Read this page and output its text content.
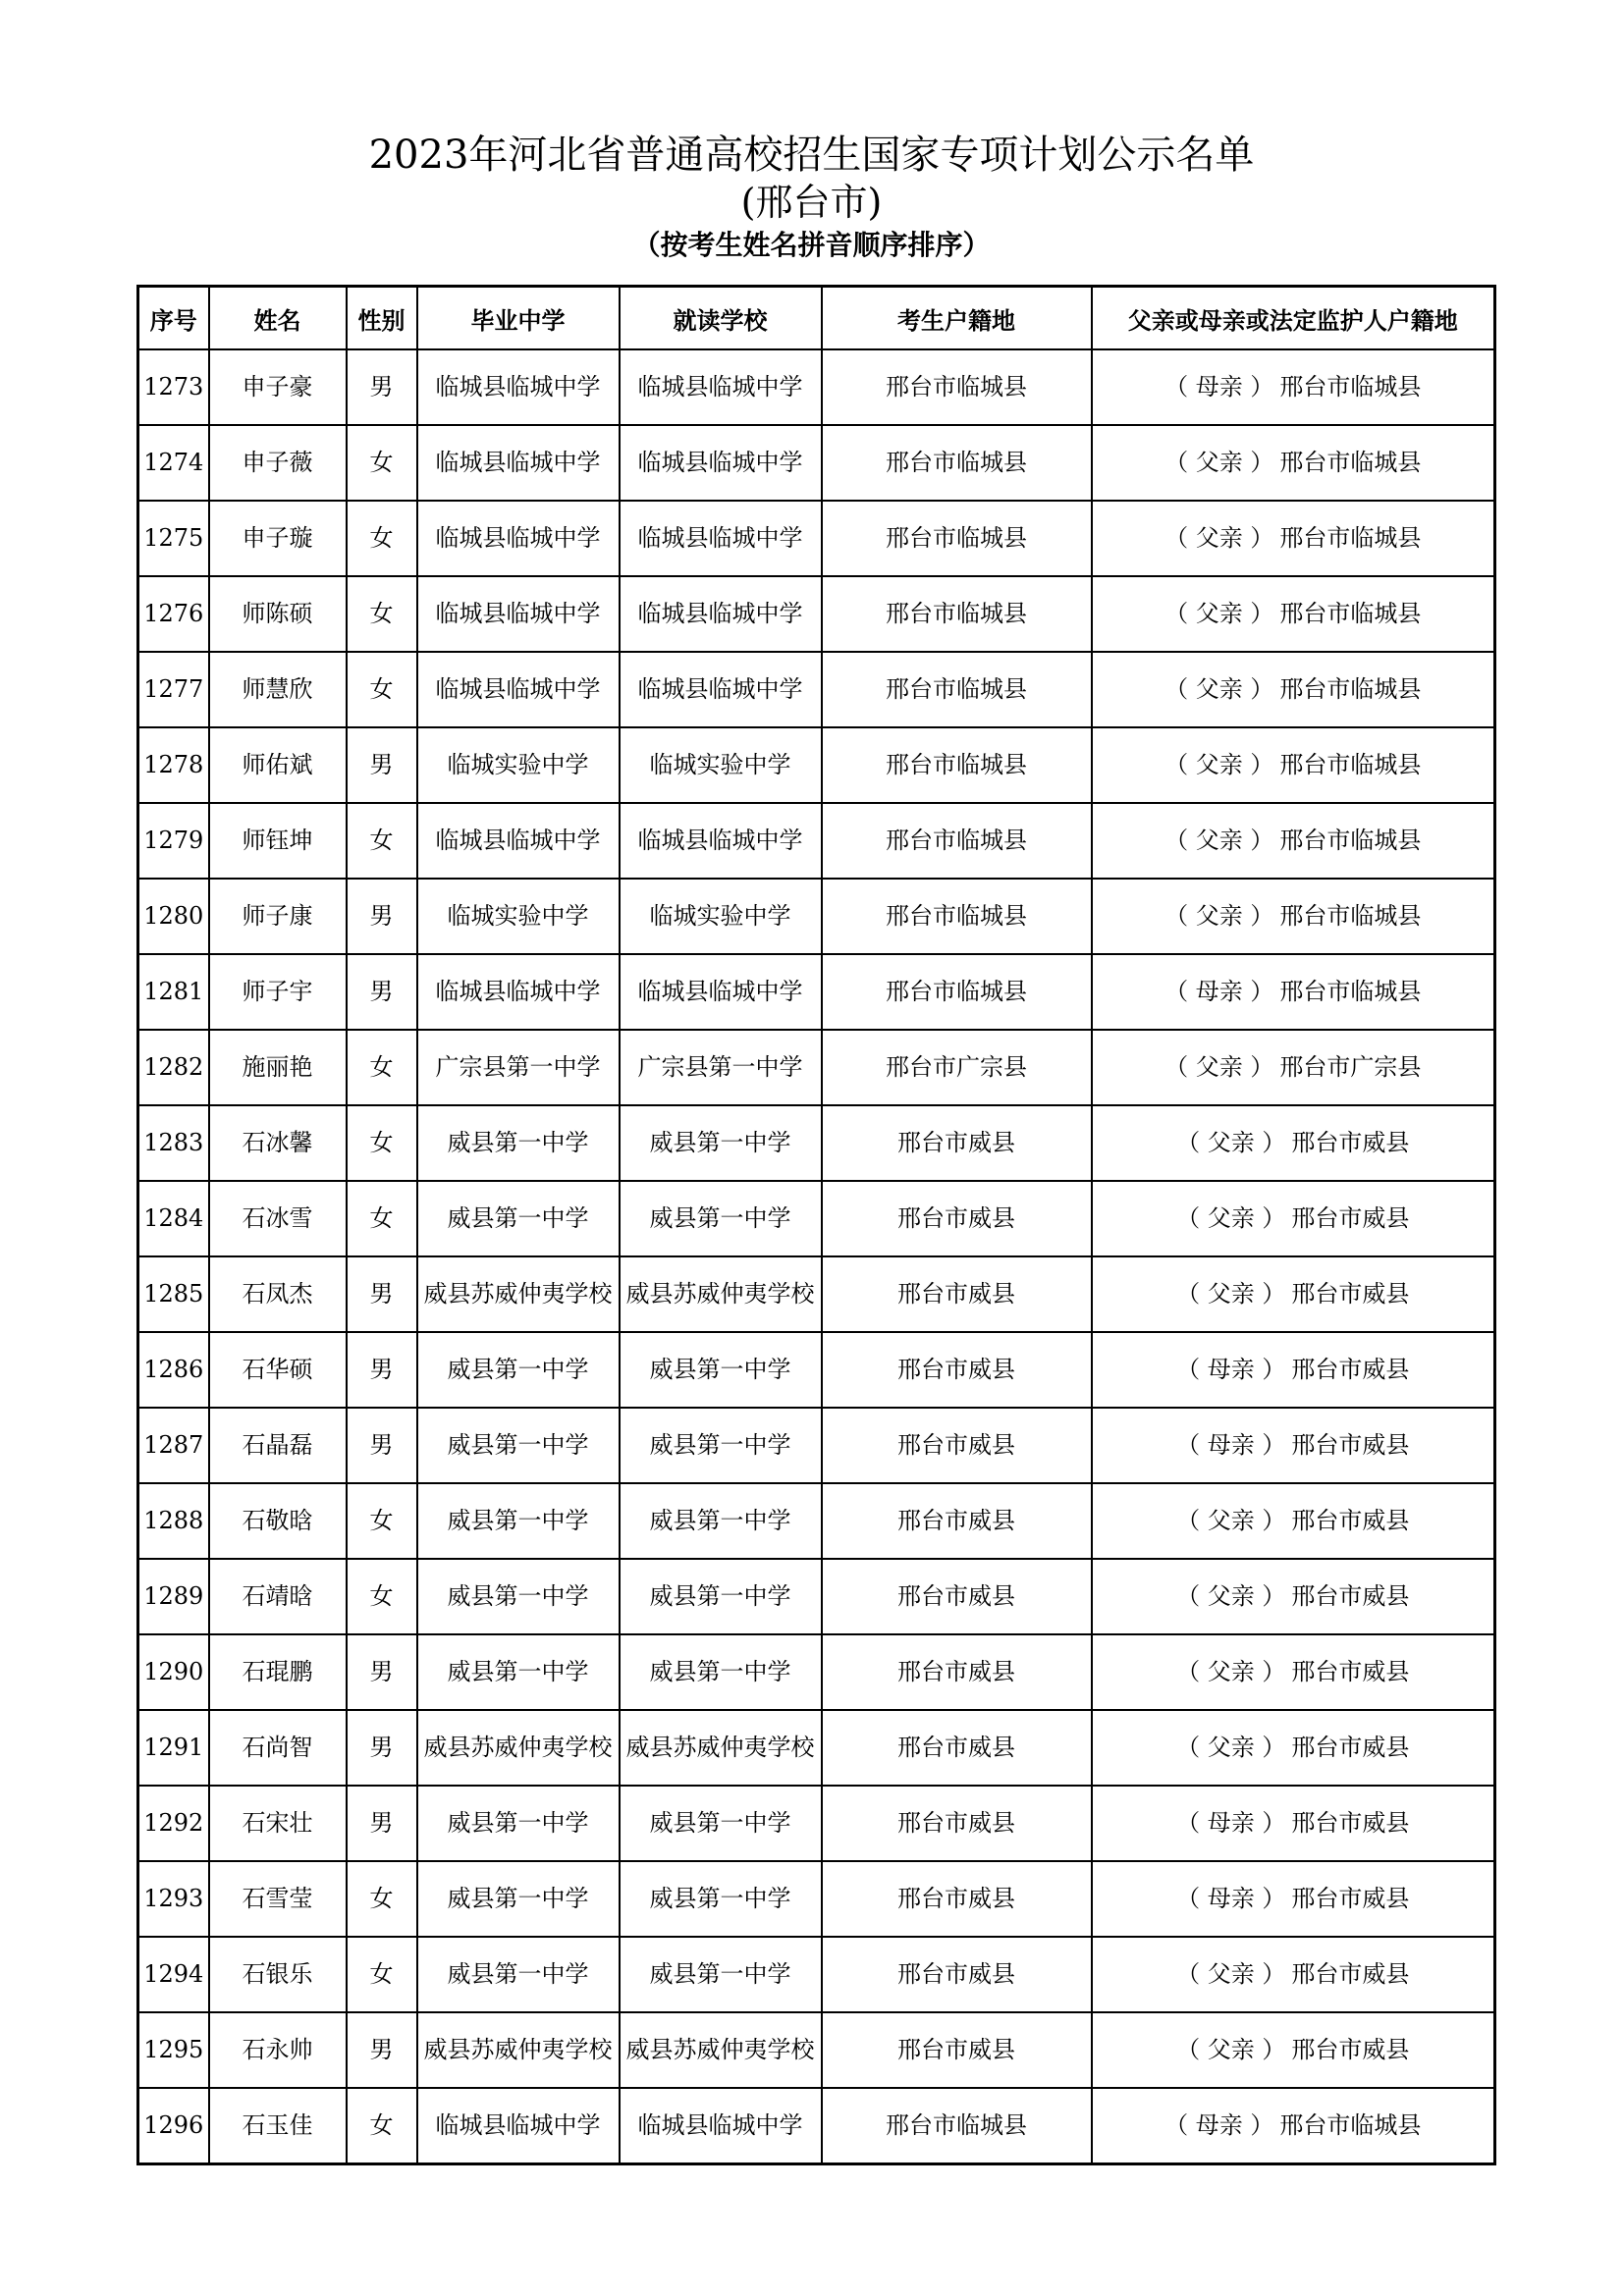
2023年河北省普通高校招生国家专项计划公示名单
(邢台市)
（按考生姓名拼音顺序排序）
序号	姓名	性别	毕业中学	就读学校	考生户籍地	父亲或母亲或法定监护人户籍地
1273	申子豪	男	临城县临城中学	临城县临城中学	邢台市临城县	（ 母亲 ） 邢台市临城县
1274	申子薇	女	临城县临城中学	临城县临城中学	邢台市临城县	（ 父亲 ） 邢台市临城县
1275	申子璇	女	临城县临城中学	临城县临城中学	邢台市临城县	（ 父亲 ） 邢台市临城县
1276	师陈硕	女	临城县临城中学	临城县临城中学	邢台市临城县	（ 父亲 ） 邢台市临城县
1277	师慧欣	女	临城县临城中学	临城县临城中学	邢台市临城县	（ 父亲 ） 邢台市临城县
1278	师佑斌	男	临城实验中学	临城实验中学	邢台市临城县	（ 父亲 ） 邢台市临城县
1279	师钰坤	女	临城县临城中学	临城县临城中学	邢台市临城县	（ 父亲 ） 邢台市临城县
1280	师子康	男	临城实验中学	临城实验中学	邢台市临城县	（ 父亲 ） 邢台市临城县
1281	师子宇	男	临城县临城中学	临城县临城中学	邢台市临城县	（ 母亲 ） 邢台市临城县
1282	施丽艳	女	广宗县第一中学	广宗县第一中学	邢台市广宗县	（ 父亲 ） 邢台市广宗县
1283	石冰馨	女	威县第一中学	威县第一中学	邢台市威县	（ 父亲 ） 邢台市威县
1284	石冰雪	女	威县第一中学	威县第一中学	邢台市威县	（ 父亲 ） 邢台市威县
1285	石凤杰	男	威县苏威仲夷学校	威县苏威仲夷学校	邢台市威县	（ 父亲 ） 邢台市威县
1286	石华硕	男	威县第一中学	威县第一中学	邢台市威县	（ 母亲 ） 邢台市威县
1287	石晶磊	男	威县第一中学	威县第一中学	邢台市威县	（ 母亲 ） 邢台市威县
1288	石敬晗	女	威县第一中学	威县第一中学	邢台市威县	（ 父亲 ） 邢台市威县
1289	石靖晗	女	威县第一中学	威县第一中学	邢台市威县	（ 父亲 ） 邢台市威县
1290	石琨鹏	男	威县第一中学	威县第一中学	邢台市威县	（ 父亲 ） 邢台市威县
1291	石尚智	男	威县苏威仲夷学校	威县苏威仲夷学校	邢台市威县	（ 父亲 ） 邢台市威县
1292	石宋壮	男	威县第一中学	威县第一中学	邢台市威县	（ 母亲 ） 邢台市威县
1293	石雪莹	女	威县第一中学	威县第一中学	邢台市威县	（ 母亲 ） 邢台市威县
1294	石银乐	女	威县第一中学	威县第一中学	邢台市威县	（ 父亲 ） 邢台市威县
1295	石永帅	男	威县苏威仲夷学校	威县苏威仲夷学校	邢台市威县	（ 父亲 ） 邢台市威县
1296	石玉佳	女	临城县临城中学	临城县临城中学	邢台市临城县	（ 母亲 ） 邢台市临城县
